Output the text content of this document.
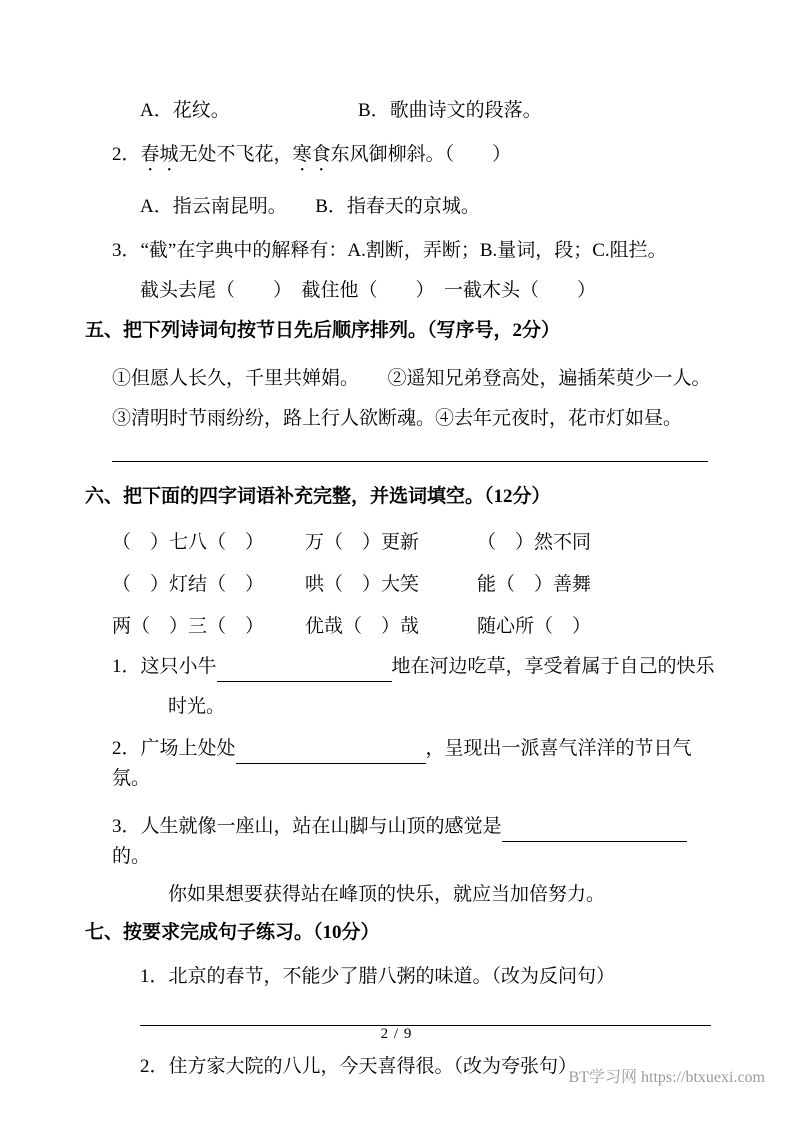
A．花纹。	B．歌曲诗文的段落。
2．春城无处不飞花，寒食东风御柳斜。（　　）
A．指云南昆明。　　B．指春天的京城。
3．“截”在字典中的解释有：A.割断，弄断；B.量词，段；C.阻拦。
截头去尾（　　）　截住他（　　）　一截木头（　　）
五、把下列诗词句按节日先后顺序排列。（写序号，2分）
①但愿人长久，千里共婵娟。　　②遥知兄弟登高处，遍插茱萸少一人。
③清明时节雨纷纷，路上行人欲断魂。④去年元夜时，花市灯如昼。
六、把下面的四字词语补充完整，并选词填空。（12分）
（　）七八（　）	万（　）更新	（　）然不同
（　）灯结（　）	哄（　）大笑	能（　）善舞
两（　）三（　）	优哉（　）哉	随心所（　）
1．这只小牛	地在河边吃草，享受着属于自己的快乐
时光。
2．广场上处处	，呈现出一派喜气洋洋的节日气氛。
3．人生就像一座山，站在山脚与山顶的感觉是的。
你如果想要获得站在峰顶的快乐，就应当加倍努力。
七、按要求完成句子练习。（10分）
1．北京的春节，不能少了腊八粥的味道。（改为反问句）
2．住方家大院的八儿，今天喜得很。（改为夸张句）
2 / 9
BT学习网 https://btxuexi.com
